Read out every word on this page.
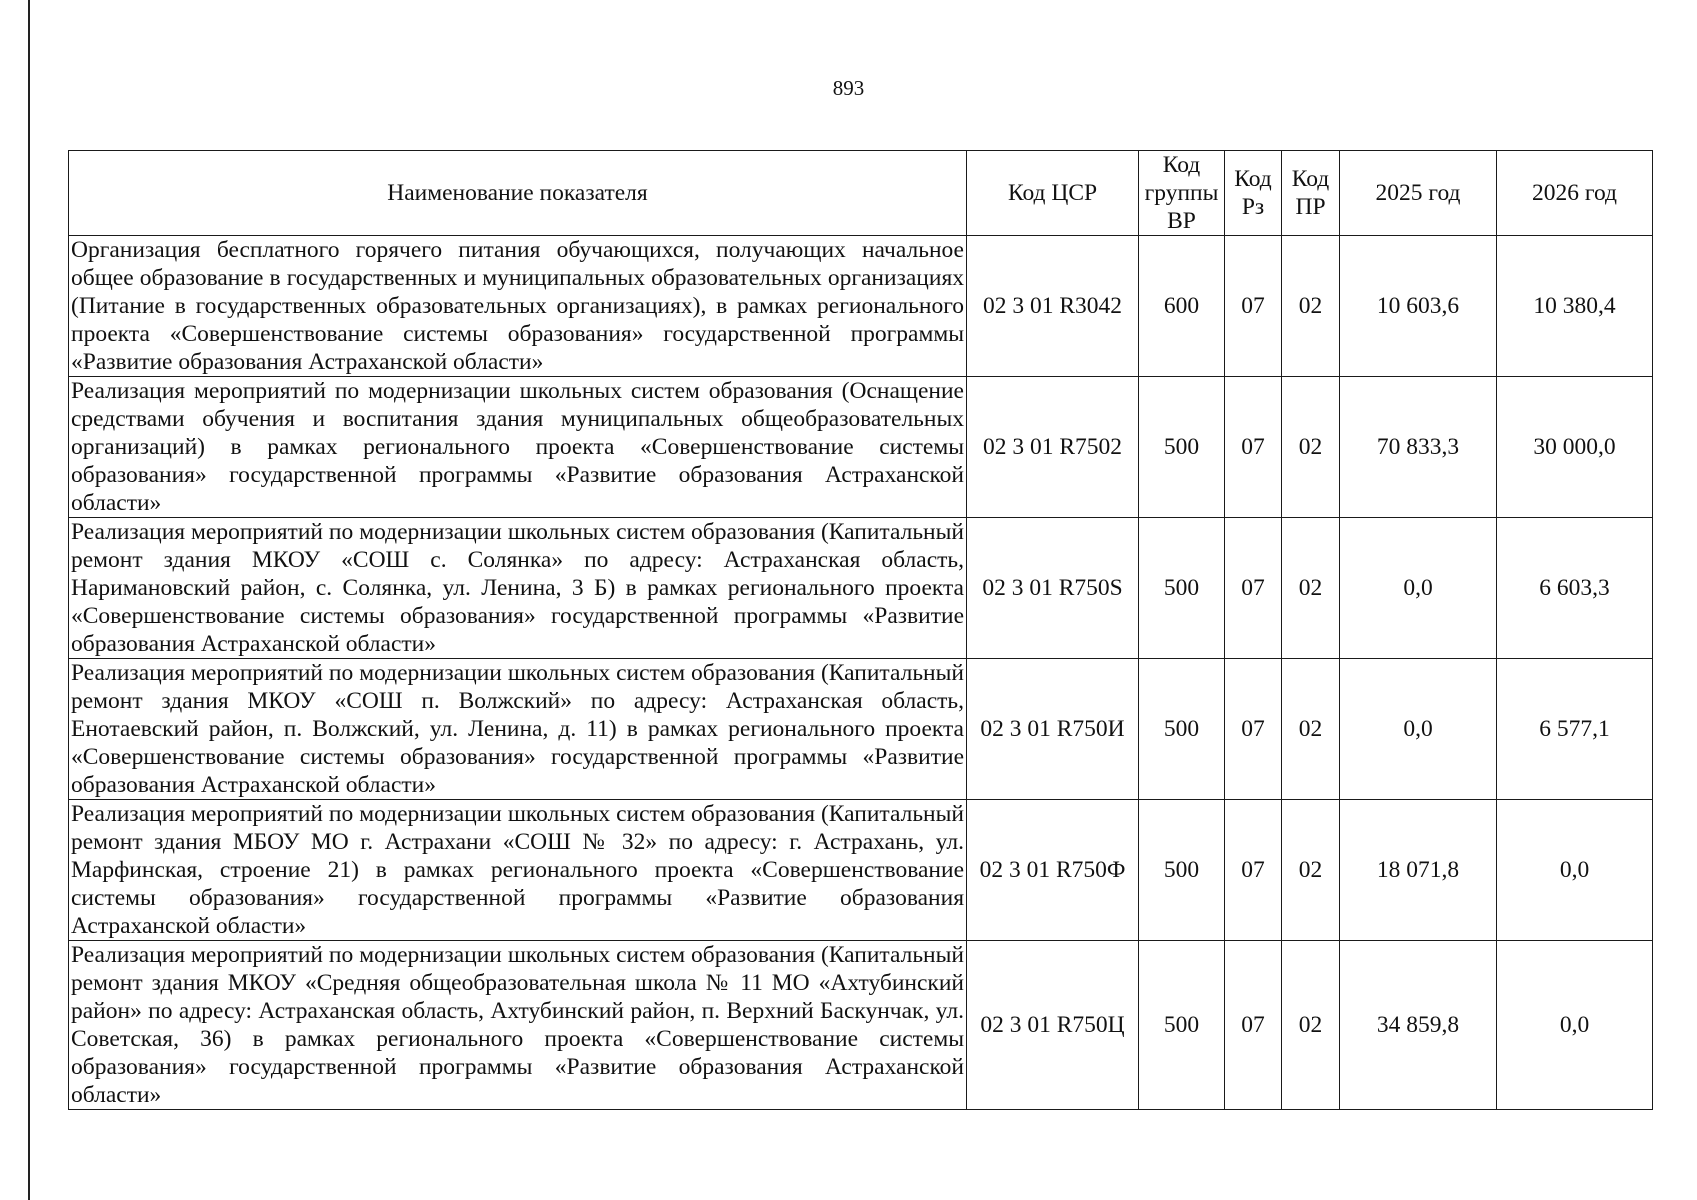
893
Наименование показателя	Код ЦСР	Код группы ВР	Код Рз	Код ПР	2025 год	2026 год
Организация бесплатного горячего питания обучающихся, получающих начальное общее образование в государственных и муниципальных образовательных организациях (Питание в государственных образовательных организациях), в рамках регионального проекта «Совершенствование системы образования» государственной программы «Развитие образования Астраханской области»	02 3 01 R3042	600	07	02	10 603,6	10 380,4
Реализация мероприятий по модернизации школьных систем образования (Оснащение средствами обучения и воспитания здания муниципальных общеобразовательных организаций) в рамках регионального проекта «Совершенствование системы образования» государственной программы «Развитие образования Астраханской области»	02 3 01 R7502	500	07	02	70 833,3	30 000,0
Реализация мероприятий по модернизации школьных систем образования (Капитальный ремонт здания МКОУ «СОШ с. Солянка» по адресу: Астраханская область, Наримановский район, с. Солянка, ул. Ленина, 3 Б) в рамках регионального проекта «Совершенствование системы образования» государственной программы «Развитие образования Астраханской области»	02 3 01 R750S	500	07	02	0,0	6 603,3
Реализация мероприятий по модернизации школьных систем образования (Капитальный ремонт здания МКОУ «СОШ п. Волжский» по адресу: Астраханская область, Енотаевский район, п. Волжский, ул. Ленина, д. 11) в рамках регионального проекта «Совершенствование системы образования» государственной программы «Развитие образования Астраханской области»	02 3 01 R750И	500	07	02	0,0	6 577,1
Реализация мероприятий по модернизации школьных систем образования (Капитальный ремонт здания МБОУ МО г. Астрахани «СОШ № 32» по адресу: г. Астрахань, ул. Марфинская, строение 21) в рамках регионального проекта «Совершенствование системы образования» государственной программы «Развитие образования Астраханской области»	02 3 01 R750Ф	500	07	02	18 071,8	0,0
Реализация мероприятий по модернизации школьных систем образования (Капитальный ремонт здания МКОУ «Средняя общеобразовательная школа № 11 МО «Ахтубинский район» по адресу: Астраханская область, Ахтубинский район, п. Верхний Баскунчак, ул. Советская, 36) в рамках регионального проекта «Совершенствование системы образования» государственной программы «Развитие образования Астраханской области»	02 3 01 R750Ц	500	07	02	34 859,8	0,0
